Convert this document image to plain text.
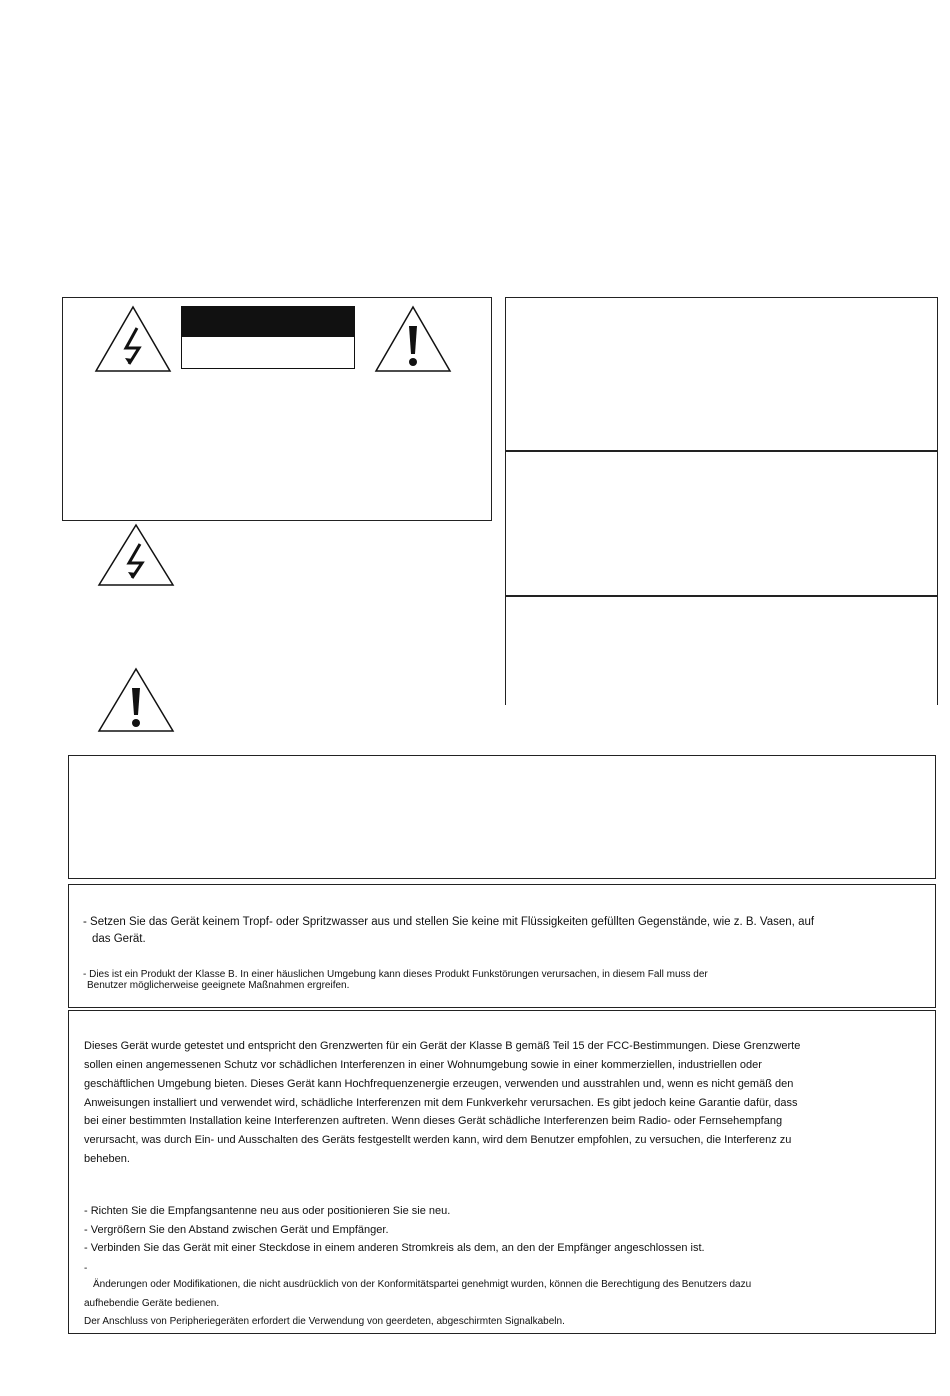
- Setzen Sie das Gerät keinem Tropf- oder Spritzwasser aus und stellen Sie keine mit Flüssigkeiten gefüllten Gegenstände, wie z. B. Vasen, auf
das Gerät.
- Dies ist ein Produkt der Klasse B. In einer häuslichen Umgebung kann dieses Produkt Funkstörungen verursachen, in diesem Fall muss der
Benutzer möglicherweise geeignete Maßnahmen ergreifen.
Dieses Gerät wurde getestet und entspricht den Grenzwerten für ein Gerät der Klasse B gemäß Teil 15 der FCC-Bestimmungen. Diese Grenzwerte
sollen einen angemessenen Schutz vor schädlichen Interferenzen in einer Wohnumgebung sowie in einer kommerziellen, industriellen oder
geschäftlichen Umgebung bieten. Dieses Gerät kann Hochfrequenzenergie erzeugen, verwenden und ausstrahlen und, wenn es nicht gemäß den
Anweisungen installiert und verwendet wird, schädliche Interferenzen mit dem Funkverkehr verursachen. Es gibt jedoch keine Garantie dafür, dass
bei einer bestimmten Installation keine Interferenzen auftreten. Wenn dieses Gerät schädliche Interferenzen beim Radio- oder Fernsehempfang
verursacht, was durch Ein- und Ausschalten des Geräts festgestellt werden kann, wird dem Benutzer empfohlen, zu versuchen, die Interferenz zu
beheben.
- Richten Sie die Empfangsantenne neu aus oder positionieren Sie sie neu.
- Vergrößern Sie den Abstand zwischen Gerät und Empfänger.
- Verbinden Sie das Gerät mit einer Steckdose in einem anderen Stromkreis als dem, an den der Empfänger angeschlossen ist.
-
Änderungen oder Modifikationen, die nicht ausdrücklich von der Konformitätspartei genehmigt wurden, können die Berechtigung des Benutzers dazu
aufhebendie Geräte bedienen.
Der Anschluss von Peripheriegeräten erfordert die Verwendung von geerdeten, abgeschirmten Signalkabeln.
